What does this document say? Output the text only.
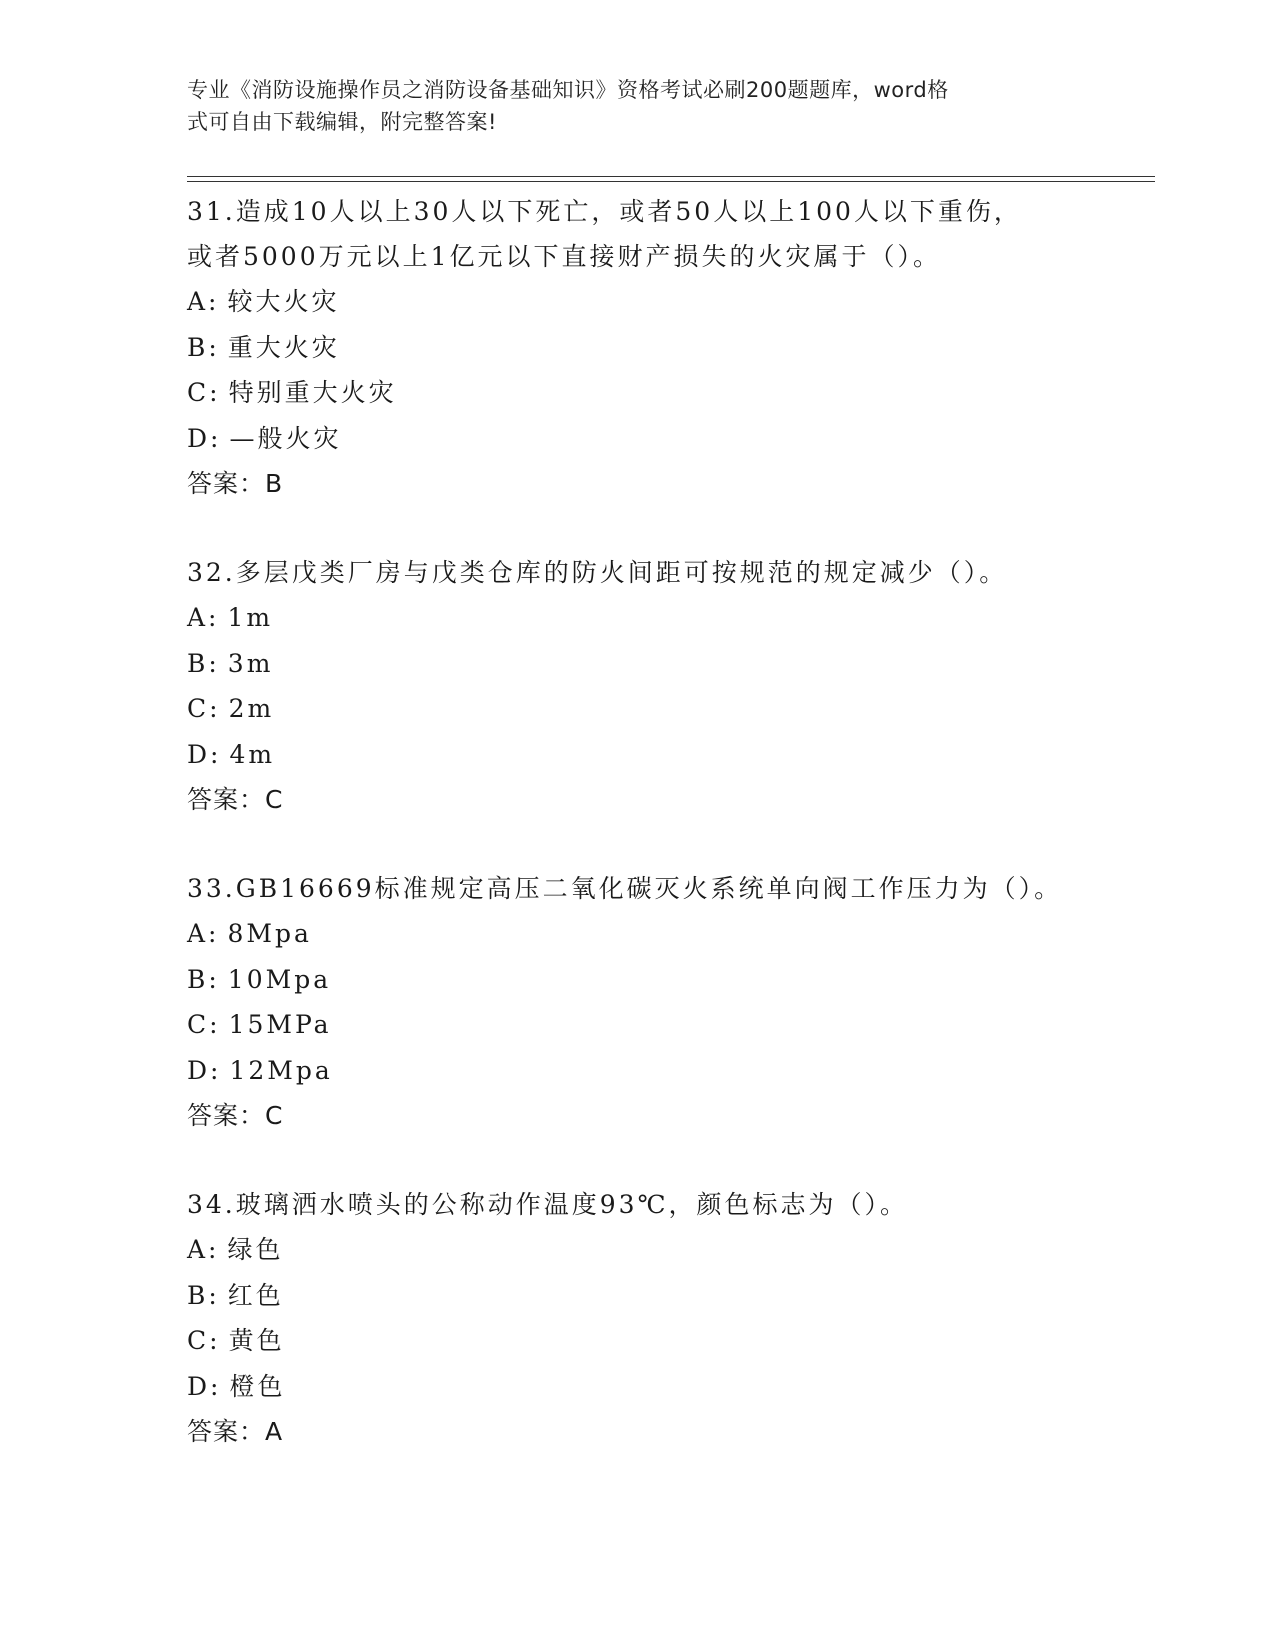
专业《消防设施操作员之消防设备基础知识》资格考试必刷200题题库，word格
式可自由下载编辑，附完整答案!

31.造成10人以上30人以下死亡，或者50人以上100人以下重伤，
或者5000万元以上1亿元以下直接财产损失的火灾属于（）。

A: 较大火灾

B: 重大火灾

C: 特别重大火灾

D: —般火灾

答案：B

32.多层戊类厂房与戊类仓库的防火间距可按规范的规定减少（）。

A: 1m

B: 3m

C: 2m

D: 4m

答案：C

33.GB16669标准规定高压二氧化碳灭火系统单向阀工作压力为（）。

A: 8Mpa

B: 10Mpa

C: 15MPa

D: 12Mpa

答案：C

34.玻璃洒水喷头的公称动作温度93℃，颜色标志为（）。

A: 绿色

B: 红色

C: 黄色

D: 橙色

答案：A
